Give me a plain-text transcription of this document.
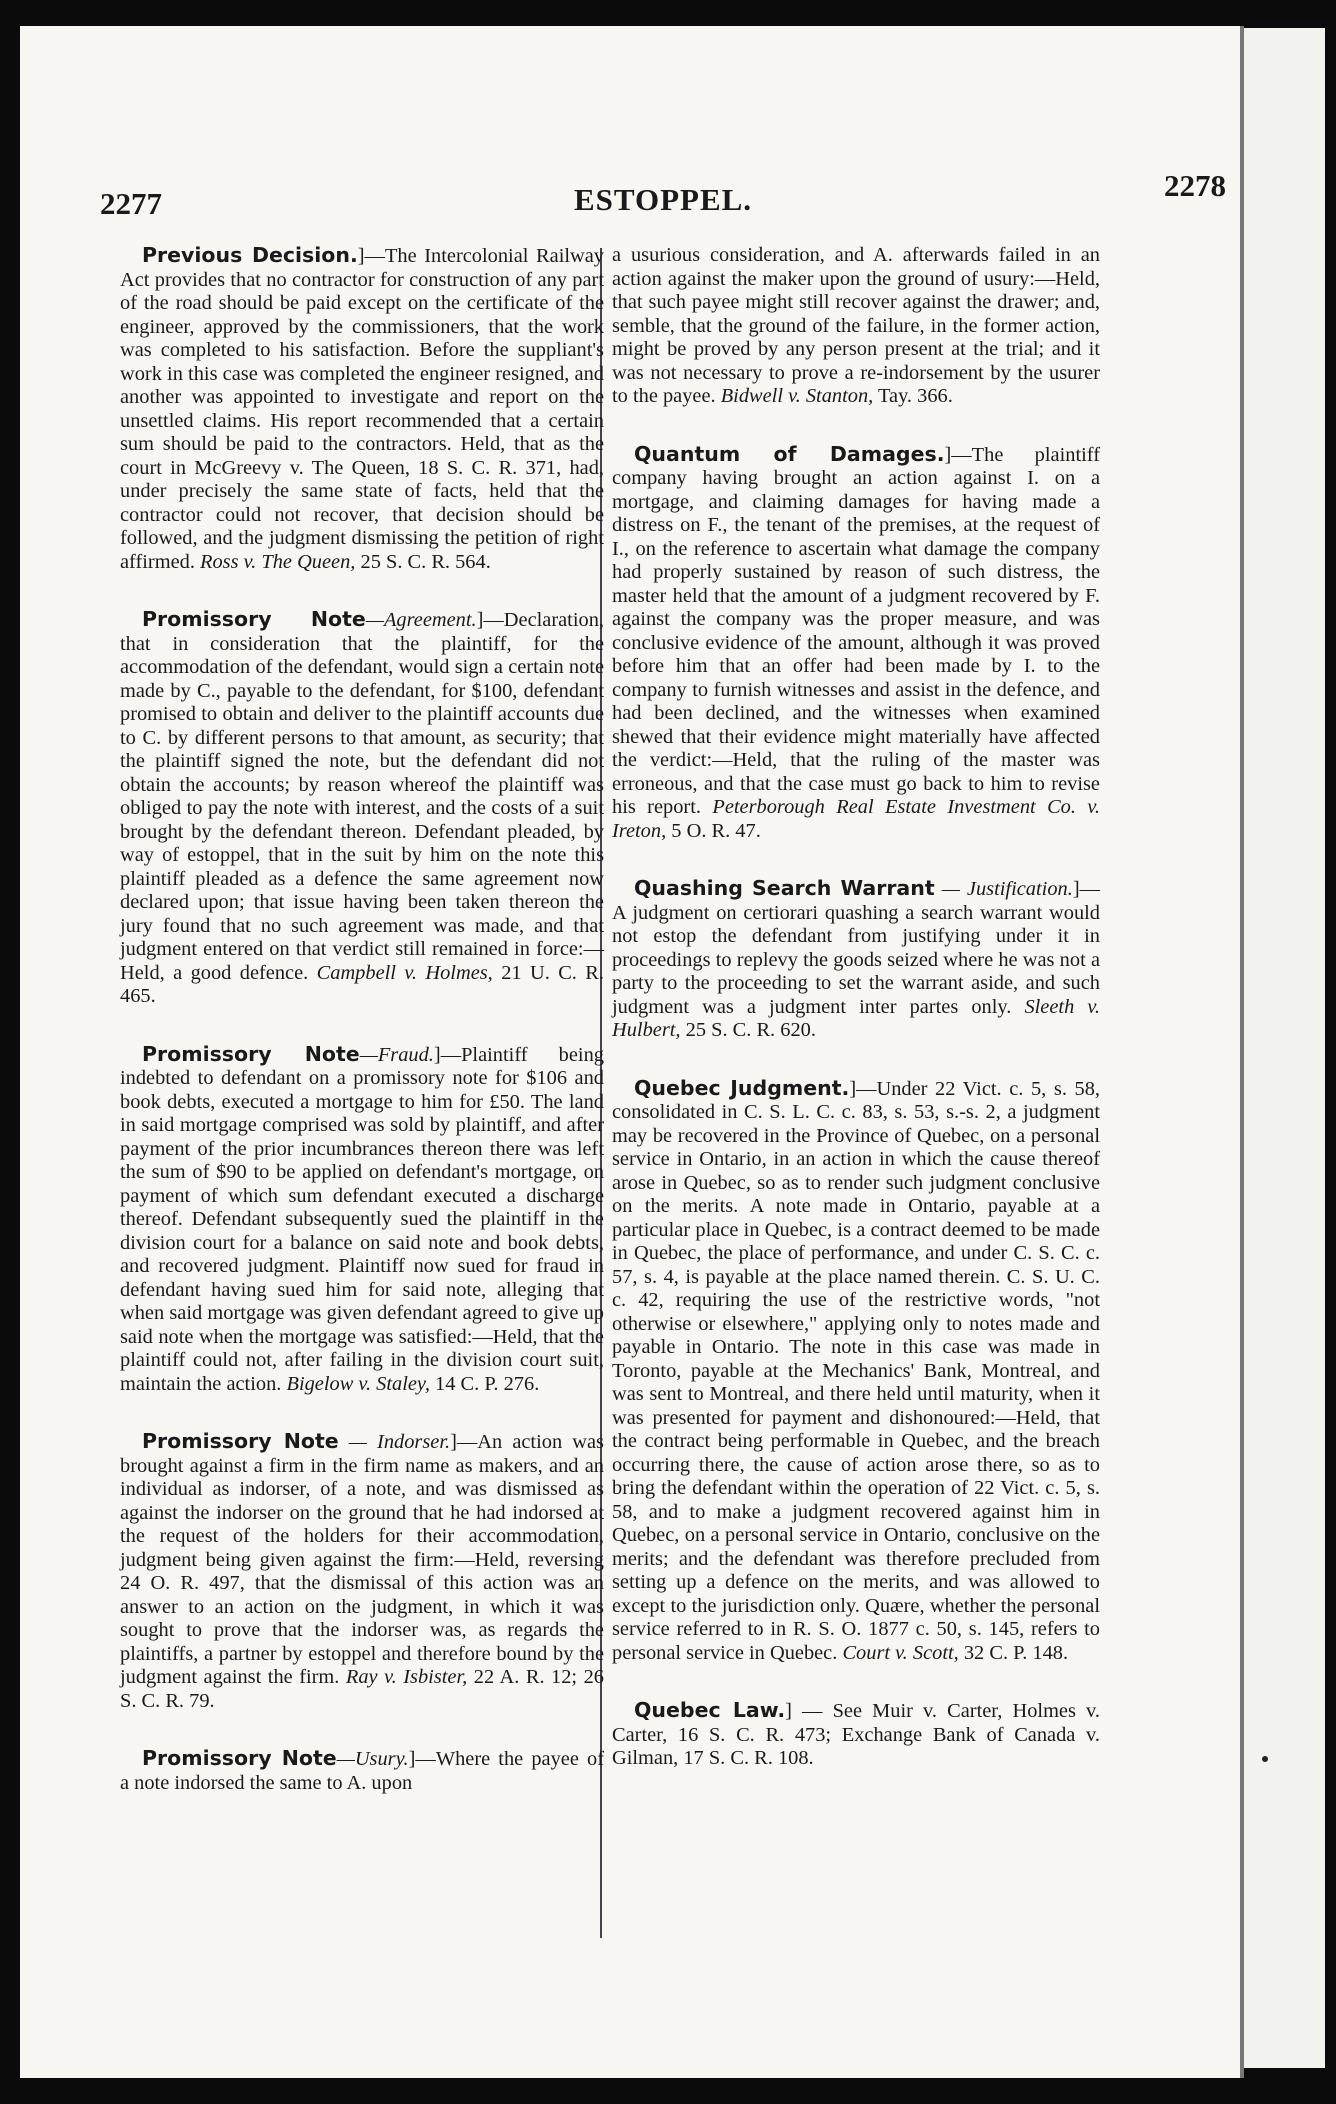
2277	ESTOPPEL.	2278

Previous Decision.]—The Intercolonial Railway Act provides that no contractor for construction of any part of the road should be paid except on the certificate of the engineer, approved by the commissioners, that the work was completed to his satisfaction. Before the suppliant's work in this case was completed the engineer resigned, and another was appointed to investigate and report on the unsettled claims. His report recommended that a certain sum should be paid to the contractors. Held, that as the court in McGreevy v. The Queen, 18 S. C. R. 371, had, under precisely the same state of facts, held that the contractor could not recover, that decision should be followed, and the judgment dismissing the petition of right affirmed. Ross v. The Queen, 25 S. C. R. 564.

Promissory Note—Agreement.]—Declaration, that in consideration that the plaintiff, for the accommodation of the defendant, would sign a certain note made by C., payable to the defendant, for $100, defendant promised to obtain and deliver to the plaintiff accounts due to C. by different persons to that amount, as security; that the plaintiff signed the note, but the defendant did not obtain the accounts; by reason whereof the plaintiff was obliged to pay the note with interest, and the costs of a suit brought by the defendant thereon. Defendant pleaded, by way of estoppel, that in the suit by him on the note this plaintiff pleaded as a defence the same agreement now declared upon; that issue having been taken thereon the jury found that no such agreement was made, and that judgment entered on that verdict still remained in force:—Held, a good defence. Campbell v. Holmes, 21 U. C. R. 465.

Promissory Note—Fraud.]—Plaintiff being indebted to defendant on a promissory note for $106 and book debts, executed a mortgage to him for £50. The land in said mortgage comprised was sold by plaintiff, and after payment of the prior incumbrances thereon there was left the sum of $90 to be applied on defendant's mortgage, on payment of which sum defendant executed a discharge thereof. Defendant subsequently sued the plaintiff in the division court for a balance on said note and book debts, and recovered judgment. Plaintiff now sued for fraud in defendant having sued him for said note, alleging that when said mortgage was given defendant agreed to give up said note when the mortgage was satisfied:—Held, that the plaintiff could not, after failing in the division court suit, maintain the action. Bigelow v. Staley, 14 C. P. 276.

Promissory Note — Indorser.]—An action was brought against a firm in the firm name as makers, and an individual as indorser, of a note, and was dismissed as against the indorser on the ground that he had indorsed at the request of the holders for their accommodation, judgment being given against the firm:—Held, reversing 24 O. R. 497, that the dismissal of this action was an answer to an action on the judgment, in which it was sought to prove that the indorser was, as regards the plaintiffs, a partner by estoppel and therefore bound by the judgment against the firm. Ray v. Isbister, 22 A. R. 12; 26 S. C. R. 79.

Promissory Note—Usury.]—Where the payee of a note indorsed the same to A. upon

a usurious consideration, and A. afterwards failed in an action against the maker upon the ground of usury:—Held, that such payee might still recover against the drawer; and, semble, that the ground of the failure, in the former action, might be proved by any person present at the trial; and it was not necessary to prove a re-indorsement by the usurer to the payee. Bidwell v. Stanton, Tay. 366.

Quantum of Damages.]—The plaintiff company having brought an action against I. on a mortgage, and claiming damages for having made a distress on F., the tenant of the premises, at the request of I., on the reference to ascertain what damage the company had properly sustained by reason of such distress, the master held that the amount of a judgment recovered by F. against the company was the proper measure, and was conclusive evidence of the amount, although it was proved before him that an offer had been made by I. to the company to furnish witnesses and assist in the defence, and had been declined, and the witnesses when examined shewed that their evidence might materially have affected the verdict:—Held, that the ruling of the master was erroneous, and that the case must go back to him to revise his report. Peterborough Real Estate Investment Co. v. Ireton, 5 O. R. 47.

Quashing Search Warrant — Justification.]—A judgment on certiorari quashing a search warrant would not estop the defendant from justifying under it in proceedings to replevy the goods seized where he was not a party to the proceeding to set the warrant aside, and such judgment was a judgment inter partes only. Sleeth v. Hulbert, 25 S. C. R. 620.

Quebec Judgment.]—Under 22 Vict. c. 5, s. 58, consolidated in C. S. L. C. c. 83, s. 53, s.-s. 2, a judgment may be recovered in the Province of Quebec, on a personal service in Ontario, in an action in which the cause thereof arose in Quebec, so as to render such judgment conclusive on the merits. A note made in Ontario, payable at a particular place in Quebec, is a contract deemed to be made in Quebec, the place of performance, and under C. S. C. c. 57, s. 4, is payable at the place named therein. C. S. U. C. c. 42, requiring the use of the restrictive words, "not otherwise or elsewhere," applying only to notes made and payable in Ontario. The note in this case was made in Toronto, payable at the Mechanics' Bank, Montreal, and was sent to Montreal, and there held until maturity, when it was presented for payment and dishonoured:—Held, that the contract being performable in Quebec, and the breach occurring there, the cause of action arose there, so as to bring the defendant within the operation of 22 Vict. c. 5, s. 58, and to make a judgment recovered against him in Quebec, on a personal service in Ontario, conclusive on the merits; and the defendant was therefore precluded from setting up a defence on the merits, and was allowed to except to the jurisdiction only. Quære, whether the personal service referred to in R. S. O. 1877 c. 50, s. 145, refers to personal service in Quebec. Court v. Scott, 32 C. P. 148.

Quebec Law.] — See Muir v. Carter, Holmes v. Carter, 16 S. C. R. 473; Exchange Bank of Canada v. Gilman, 17 S. C. R. 108.
